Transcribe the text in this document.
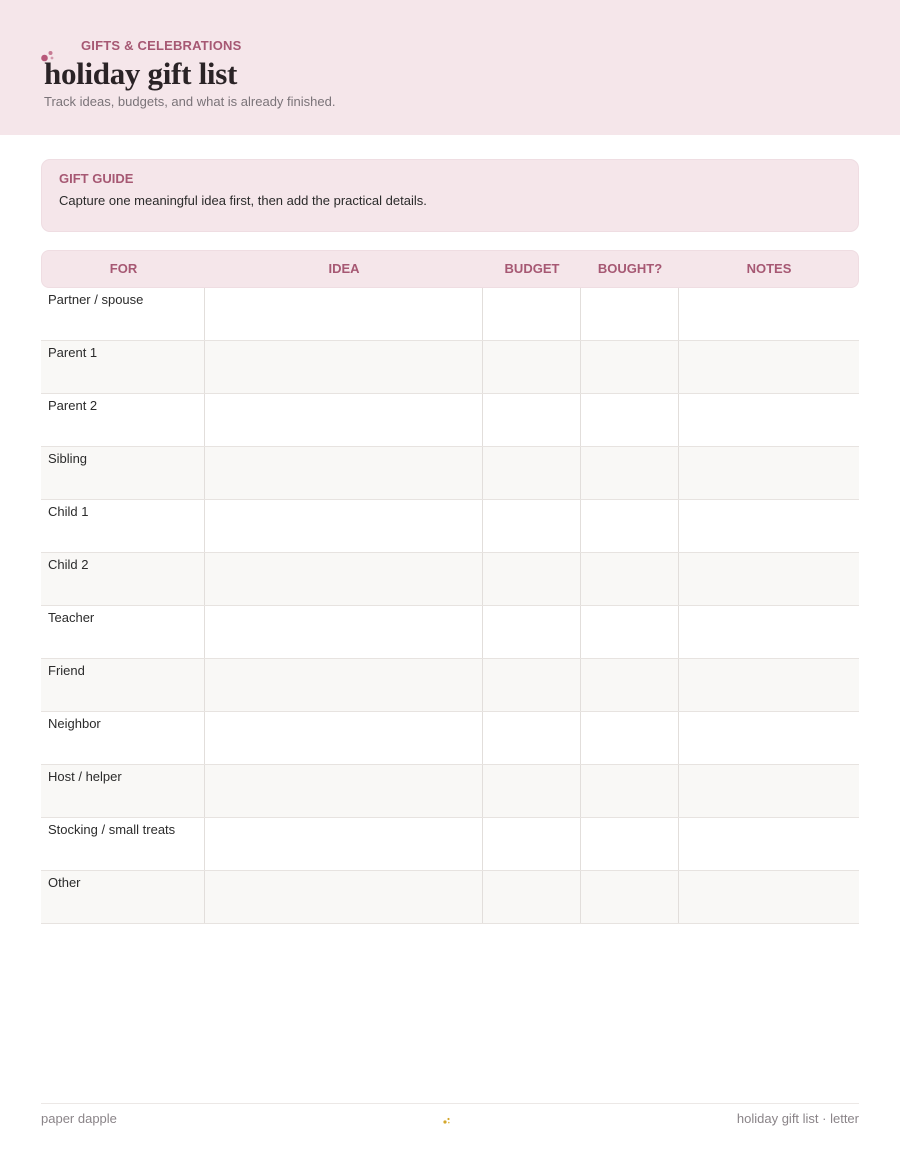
GIFTS & CELEBRATIONS
holiday gift list
Track ideas, budgets, and what is already finished.
GIFT GUIDE
Capture one meaningful idea first, then add the practical details.
FOR	IDEA	BUDGET	BOUGHT?	NOTES
Partner / spouse
Parent 1
Parent 2
Sibling
Child 1
Child 2
Teacher
Friend
Neighbor
Host / helper
Stocking / small treats
Other
paper dapple	holiday gift list · letter
